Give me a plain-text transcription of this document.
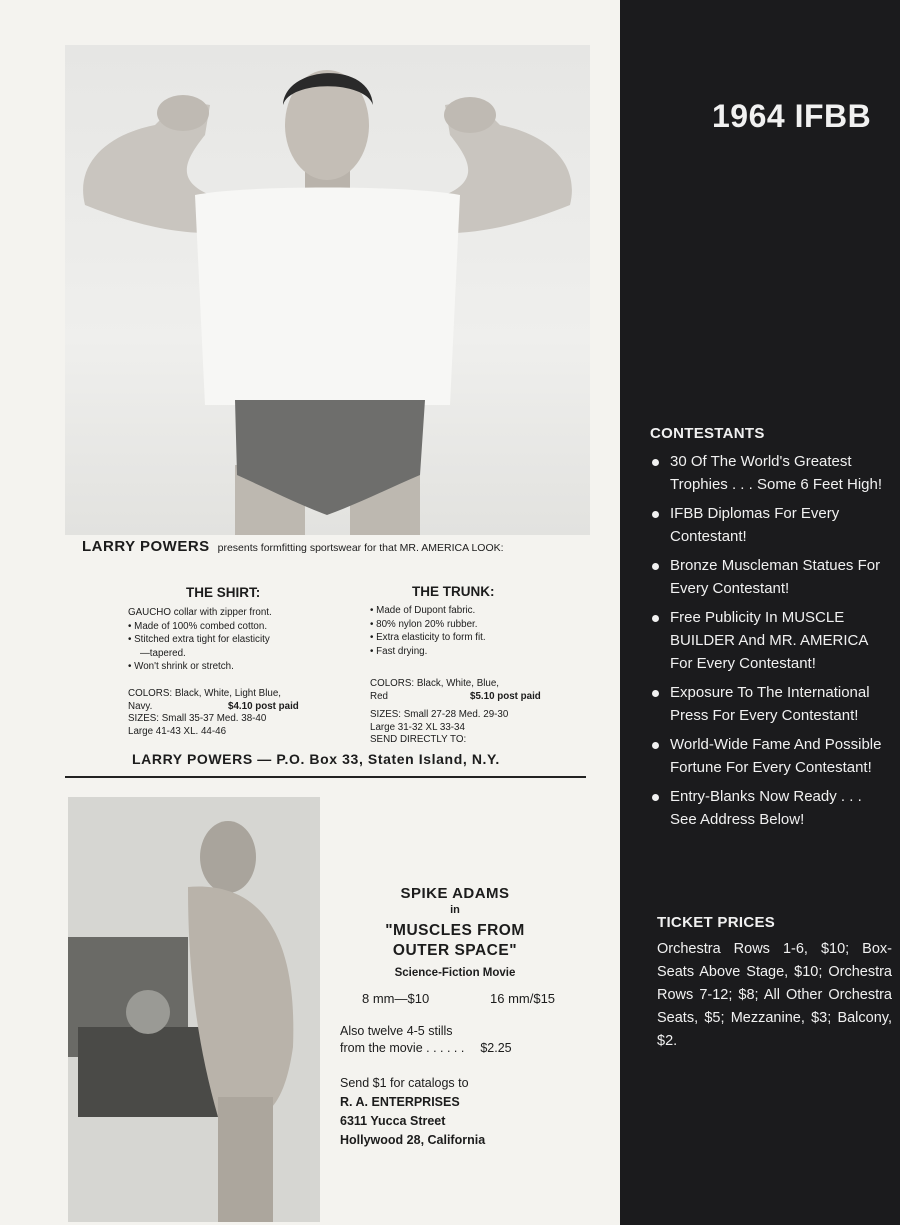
LARRY POWERS presents formfitting sportswear for that MR. AMERICA LOOK:
THE SHIRT:
GAUCHO collar with zipper front.
• Made of 100% combed cotton.
• Stitched extra tight for elasticity
—tapered.
• Won't shrink or stretch.
COLORS: Black, White, Light Blue,
Navy.	$4.10 post paid
SIZES: Small 35-37 Med. 38-40
Large 41-43 XL. 44-46
THE TRUNK:
• Made of Dupont fabric.
• 80% nylon 20% rubber.
• Extra elasticity to form fit.
• Fast drying.
COLORS: Black, White, Blue,
Red	$5.10 post paid
SIZES: Small 27-28 Med. 29-30
Large 31-32 XL 33-34
SEND DIRECTLY TO:
LARRY POWERS — P.O. Box 33, Staten Island, N.Y.
SPIKE ADAMS
in
"MUSCLES FROM
OUTER SPACE"
Science-Fiction Movie
8 mm—$10	16 mm/$15
Also twelve 4-5 stills
from the movie . . . . . . $2.25
Send $1 for catalogs to
R. A. ENTERPRISES
6311 Yucca Street
Hollywood 28, California
1964 IFBB
CONTESTANTS
30 Of The World's Greatest Trophies . . . Some 6 Feet High!
IFBB Diplomas For Every Contestant!
Bronze Muscleman Statues For Every Contestant!
Free Publicity In MUSCLE BUILDER And MR. AMERICA For Every Contestant!
Exposure To The International Press For Every Contestant!
World-Wide Fame And Possible Fortune For Every Contestant!
Entry-Blanks Now Ready . . . See Address Below!
TICKET PRICES
Orchestra Rows 1-6, $10; Box-Seats Above Stage, $10; Orchestra Rows 7-12; $8; All Other Orchestra Seats, $5; Mezzanine, $3; Balcony, $2.
